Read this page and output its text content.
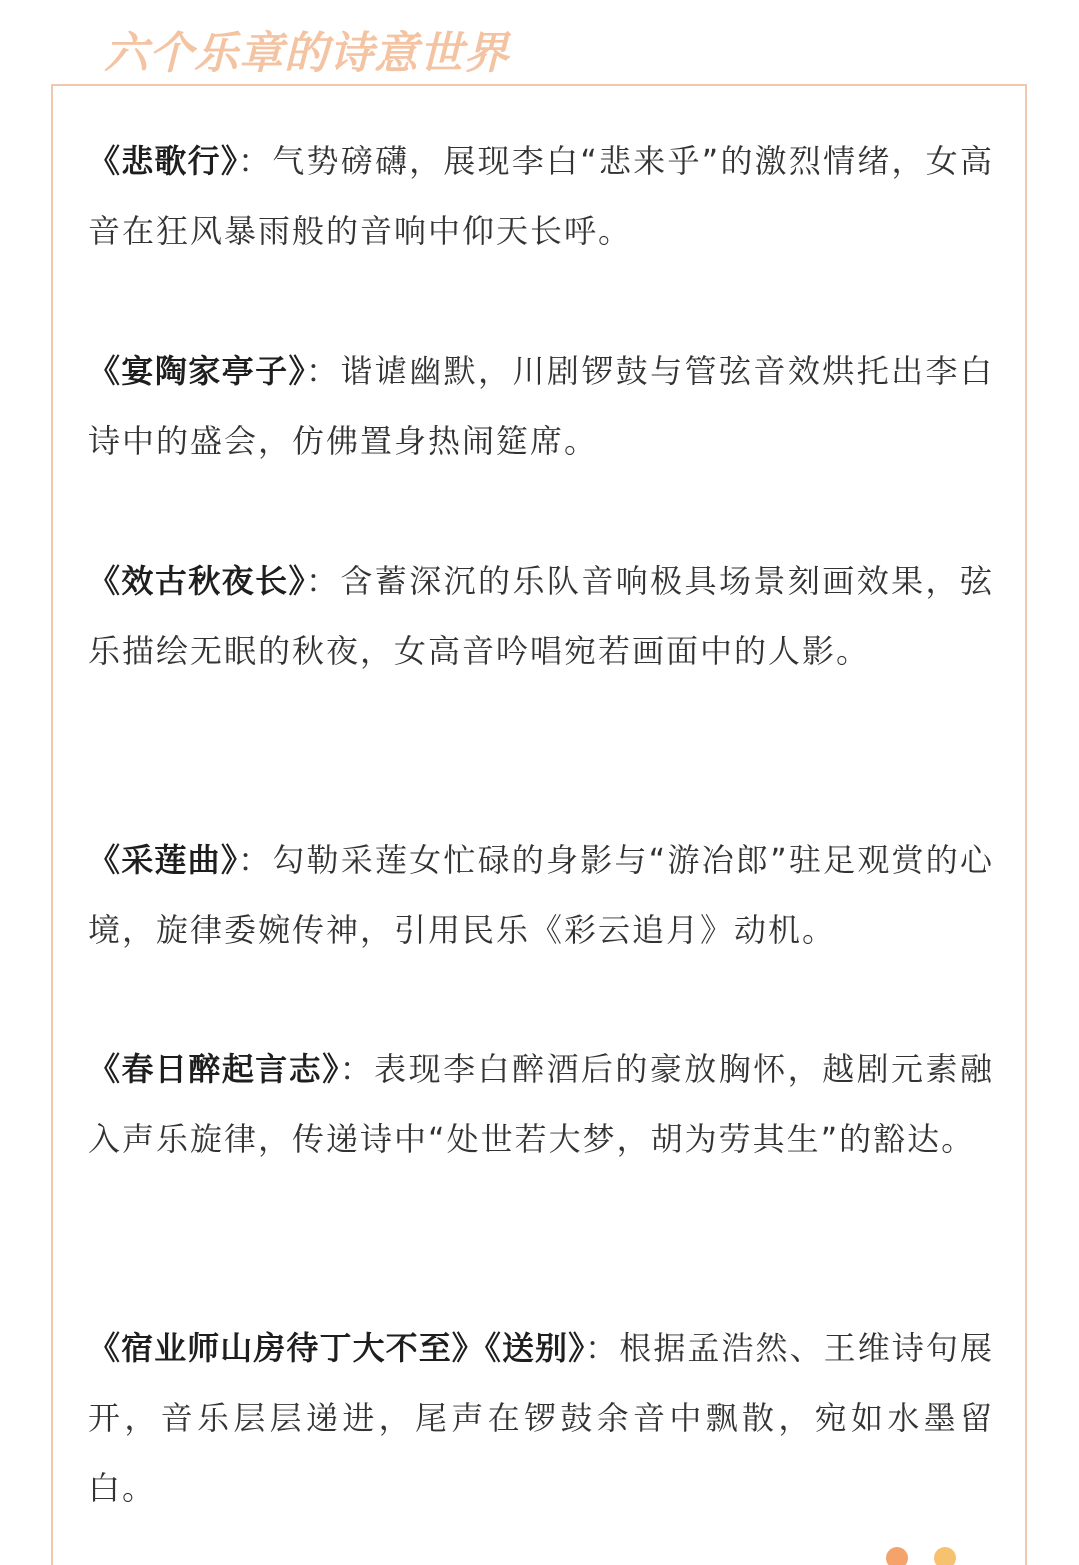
六个乐章的诗意世界
《悲歌行》：气势磅礴，展现李白“悲来乎”的激烈情绪，女高音在狂风暴雨般的音响中仰天长呼。
《宴陶家亭子》：谐谑幽默，川剧锣鼓与管弦音效烘托出李白诗中的盛会，仿佛置身热闹筵席。
《效古秋夜长》：含蓄深沉的乐队音响极具场景刻画效果，弦乐描绘无眠的秋夜，女高音吟唱宛若画面中的人影。
《采莲曲》：勾勒采莲女忙碌的身影与“游冶郎”驻足观赏的心境，旋律委婉传神，引用民乐《彩云追月》动机。
《春日醉起言志》：表现李白醉酒后的豪放胸怀，越剧元素融入声乐旋律，传递诗中“处世若大梦，胡为劳其生”的豁达。
《宿业师山房待丁大不至》《送别》：根据孟浩然、王维诗句展开，音乐层层递进，尾声在锣鼓余音中飘散，宛如水墨留白。
